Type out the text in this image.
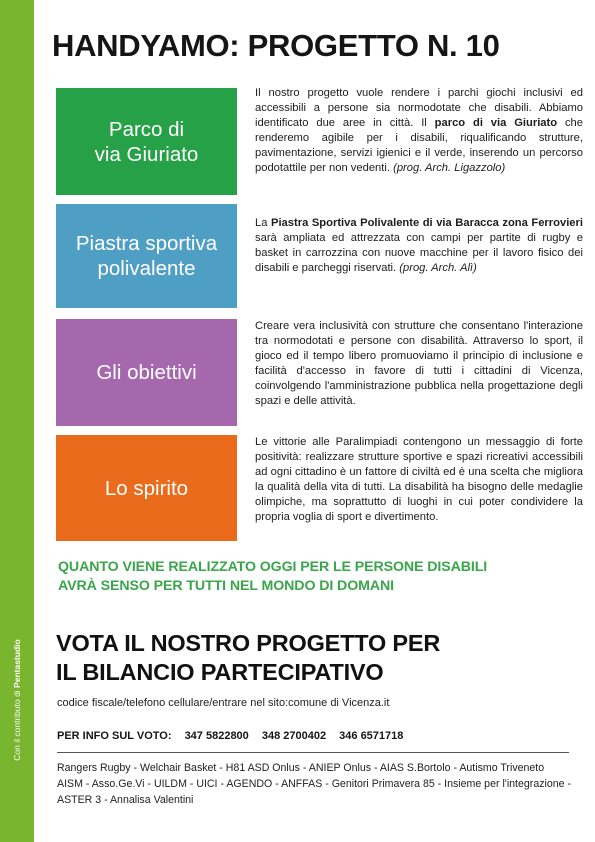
Con il contributo di Pentastudio
HANDYAMO: PROGETTO N. 10
Parco di
via Giuriato
Il nostro progetto vuole rendere i parchi giochi inclusivi ed accessibili a persone sia normodotate che disabili. Abbiamo identificato due aree in città. Il parco di via Giuriato che renderemo agibile per i disabili, riqualificando strutture, pavimentazione, servizi igienici e il verde, inserendo un percorso podotattile per non vedenti. (prog. Arch. Ligazzolo)
Piastra sportiva
polivalente
La Piastra Sportiva Polivalente di via Baracca zona Ferrovieri sarà ampliata ed attrezzata con campi per partite di rugby e basket in carrozzina con nuove macchine per il lavoro fisico dei disabili e parcheggi riservati. (prog. Arch. Alì)
Gli obiettivi
Creare vera inclusività con strutture che consentano l'interazione tra normodotati e persone con disabilità. Attraverso lo sport, il gioco ed il tempo libero promuoviamo il principio di inclusione e facilità d'accesso in favore di tutti i cittadini di Vicenza, coinvolgendo l'amministrazione pubblica nella progettazione degli spazi e delle attività.
Lo spirito
Le vittorie alle Paralimpiadi contengono un messaggio di forte positività: realizzare strutture sportive e spazi ricreativi accessibili ad ogni cittadino è un fattore di civiltà ed è una scelta che migliora la qualità della vita di tutti. La disabilità ha bisogno delle medaglie olimpiche, ma soprattutto di luoghi in cui poter condividere la propria voglia di sport e divertimento.
QUANTO VIENE REALIZZATO OGGI PER LE PERSONE DISABILI
AVRÀ SENSO PER TUTTI NEL MONDO DI DOMANI
VOTA IL NOSTRO PROGETTO PER
IL BILANCIO PARTECIPATIVO
codice fiscale/telefono cellulare/entrare nel sito:comune di Vicenza.it
PER INFO SUL VOTO: 347 5822800 348 2700402 346 6571718
Rangers Rugby - Welchair Basket - H81 ASD Onlus - ANIEP Onlus - AIAS S.Bortolo - Autismo Triveneto AISM - Asso.Ge.Vi - UILDM - UICI - AGENDO - ANFFAS - Genitori Primavera 85 - Insieme per l'integrazione - ASTER 3 - Annalisa Valentini
